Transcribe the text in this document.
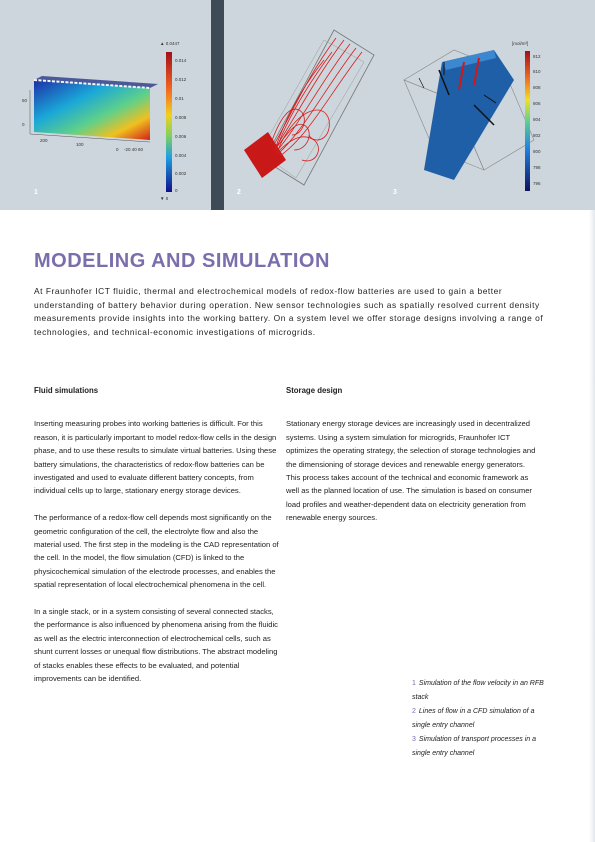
50
0
200
100
0 -20 40 60
▲ 0.0447
0.014
0.012
0.01
0.008
0.006
0.004
0.002
0
▼ 0
1	2
[mol/m³]
812
810
808
806
804
802
800
798
796
3
MODELING AND SIMULATION

At Fraunhofer ICT fluidic, thermal and electrochemical models of redox-flow batteries are used to gain a better understanding of battery behavior during operation. New sensor technologies such as spatially resolved current density measurements provide insights into the working battery. On a system level we offer storage designs involving a range of technologies, and technical-economic investigations of microgrids.

Fluid simulations

Inserting measuring probes into working batteries is difficult. For this reason, it is particularly important to model redox-flow cells in the design phase, and to use these results to simulate virtual batteries. Using these battery simulations, the characteristics of redox-flow batteries can be investigated and used to evaluate different battery concepts, from individual cells up to large, stationary energy storage devices.

The performance of a redox-flow cell depends most significantly on the geometric configuration of the cell, the electrolyte flow and also the material used. The first step in the modeling is the CAD representation of the cell. In the model, the flow simulation (CFD) is linked to the physicochemical simulation of the electrode processes, and enables the spatial representation of local electrochemical phenomena in the cell.

In a single stack, or in a system consisting of several connected stacks, the performance is also influenced by phenomena arising from the fluidic as well as the electric interconnection of electrochemical cells, such as shunt current losses or unequal flow distributions. The abstract modeling of stacks enables these effects to be evaluated, and potential improvements can be identified.

Storage design

Stationary energy storage devices are increasingly used in decentralized systems. Using a system simulation for microgrids, Fraunhofer ICT optimizes the operating strategy, the selection of storage technologies and the dimensioning of storage devices and renewable energy generators. This process takes account of the technical and economic framework as well as the planned location of use. The simulation is based on consumer load profiles and weather-dependent data on electricity generation from renewable energy sources.

1 Simulation of the flow velocity in an RFB stack
2 Lines of flow in a CFD simulation of a single entry channel
3 Simulation of transport processes in a single entry channel
